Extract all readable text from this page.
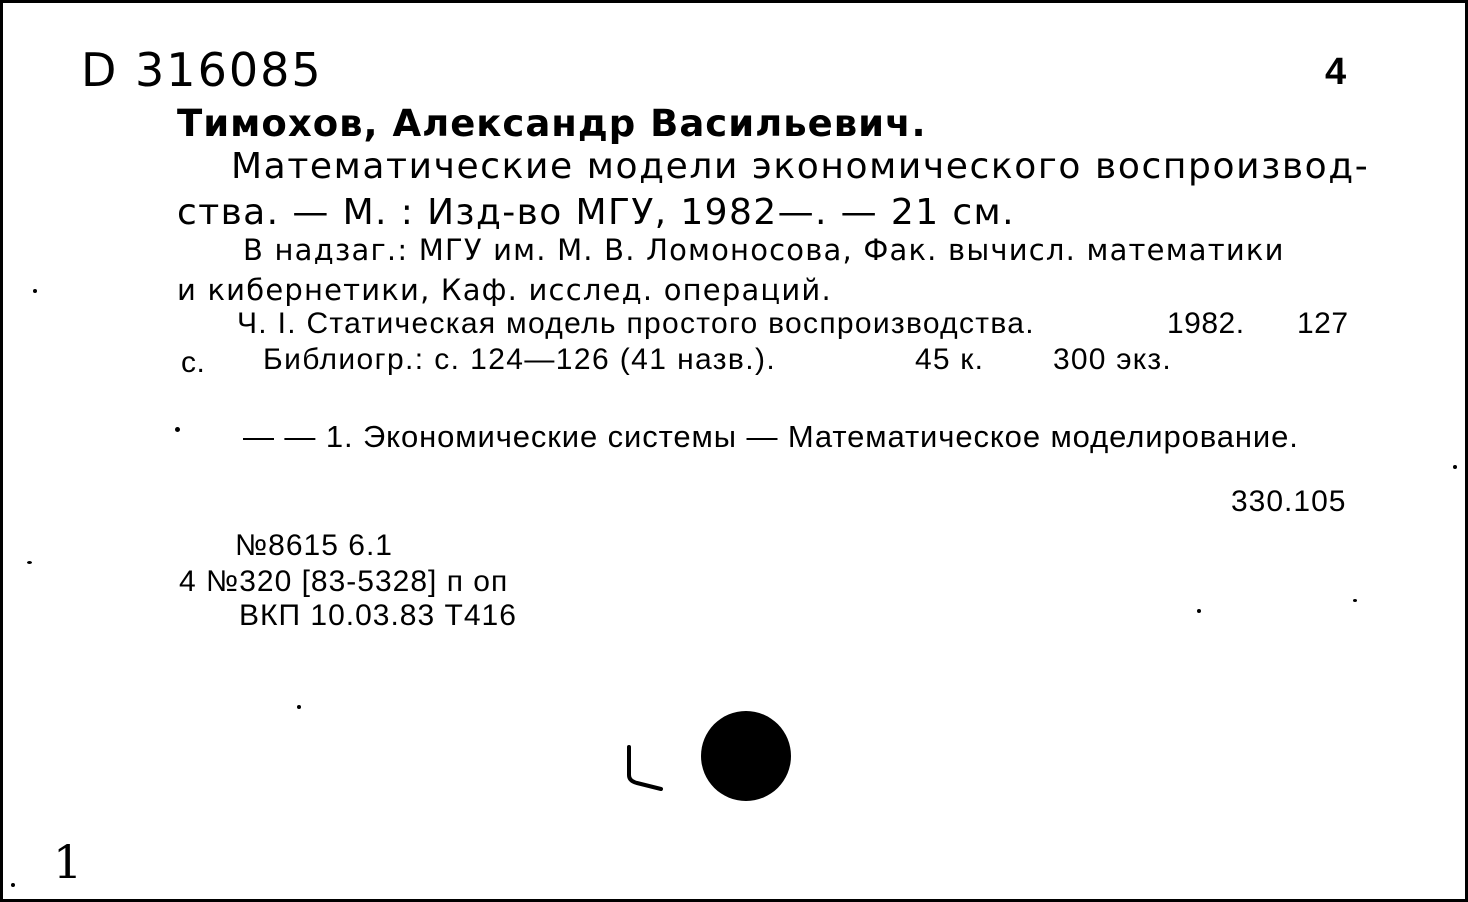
D 316085	4
Тимохов, Александр Васильевич.
Математические модели экономического воспроизвод-
ства. — М. : Изд-во МГУ, 1982—. — 21 см.
В надзаг.: МГУ им. М. В. Ломоносова, Фак. вычисл. математики
и кибернетики, Каф. исслед. операций.
Ч. I. Статическая модель простого воспроизводства.	1982. 127
с. Библиогр.: с. 124—126 (41 назв.).	45 к. 300 экз.
— — 1. Экономические системы — Математическое моделирование.
330.105
№8615 6.1
4 №320 [83-5328] п оп
ВКП 10.03.83 Т416
1
